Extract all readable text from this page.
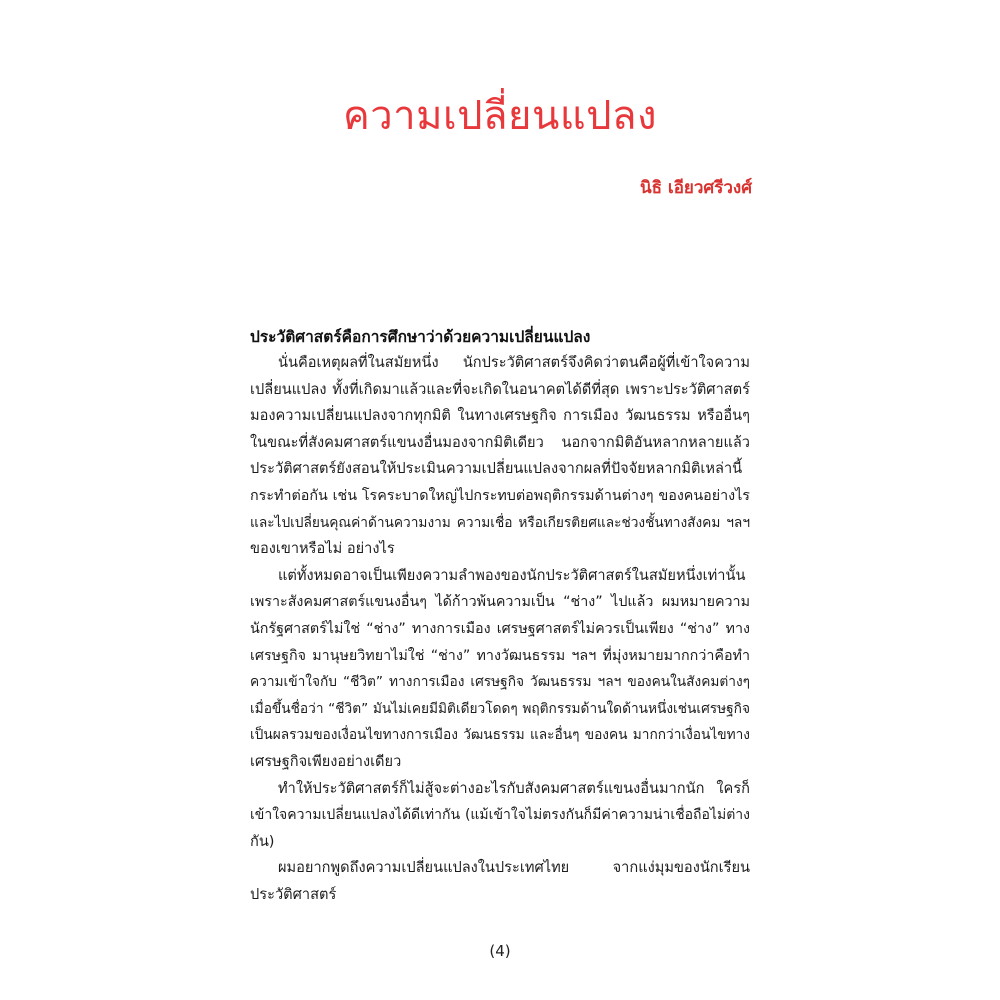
ความเปลี่ยนแปลง

นิธิ เอียวศรีวงศ์

ประวัติศาสตร์คือการศึกษาว่าด้วยความเปลี่ยนแปลง

นั่นคือเหตุผลที่ในสมัยหนึ่ง นักประวัติศาสตร์จึงคิดว่าตนคือผู้ที่เข้าใจความ
เปลี่ยนแปลง ทั้งที่เกิดมาแล้วและที่จะเกิดในอนาคตได้ดีที่สุด เพราะประวัติศาสตร์
มองความเปลี่ยนแปลงจากทุกมิติ ในทางเศรษฐกิจ การเมือง วัฒนธรรม หรืออื่นๆ
ในขณะที่สังคมศาสตร์แขนงอื่นมองจากมิติเดียว นอกจากมิติอันหลากหลายแล้ว
ประวัติศาสตร์ยังสอนให้ประเมินความเปลี่ยนแปลงจากผลที่ปัจจัยหลากมิติเหล่านี้
กระทำต่อกัน เช่น โรคระบาดใหญ่ไปกระทบต่อพฤติกรรมด้านต่างๆ ของคนอย่างไร
และไปเปลี่ยนคุณค่าด้านความงาม ความเชื่อ หรือเกียรติยศและช่วงชั้นทางสังคม ฯลฯ
ของเขาหรือไม่ อย่างไร
แต่ทั้งหมดอาจเป็นเพียงความลำพองของนักประวัติศาสตร์ในสมัยหนึ่งเท่านั้น
เพราะสังคมศาสตร์แขนงอื่นๆ ได้ก้าวพ้นความเป็น “ช่าง” ไปแล้ว ผมหมายความ
นักรัฐศาสตร์ไม่ใช่ “ช่าง” ทางการเมือง เศรษฐศาสตร์ไม่ควรเป็นเพียง “ช่าง” ทาง
เศรษฐกิจ มานุษยวิทยาไม่ใช่ “ช่าง” ทางวัฒนธรรม ฯลฯ ที่มุ่งหมายมากกว่าคือทำ
ความเข้าใจกับ “ชีวิต” ทางการเมือง เศรษฐกิจ วัฒนธรรม ฯลฯ ของคนในสังคมต่างๆ
เมื่อขึ้นชื่อว่า “ชีวิต” มันไม่เคยมีมิติเดียวโดดๆ พฤติกรรมด้านใดด้านหนึ่งเช่นเศรษฐกิจ
เป็นผลรวมของเงื่อนไขทางการเมือง วัฒนธรรม และอื่นๆ ของคน มากกว่าเงื่อนไขทาง
เศรษฐกิจเพียงอย่างเดียว
ทำให้ประวัติศาสตร์ก็ไม่สู้จะต่างอะไรกับสังคมศาสตร์แขนงอื่นมากนัก ใครก็
เข้าใจความเปลี่ยนแปลงได้ดีเท่ากัน (แม้เข้าใจไม่ตรงกันก็มีค่าความน่าเชื่อถือไม่ต่าง
กัน)
ผมอยากพูดถึงความเปลี่ยนแปลงในประเทศไทย จากแง่มุมของนักเรียน
ประวัติศาสตร์

(4)
